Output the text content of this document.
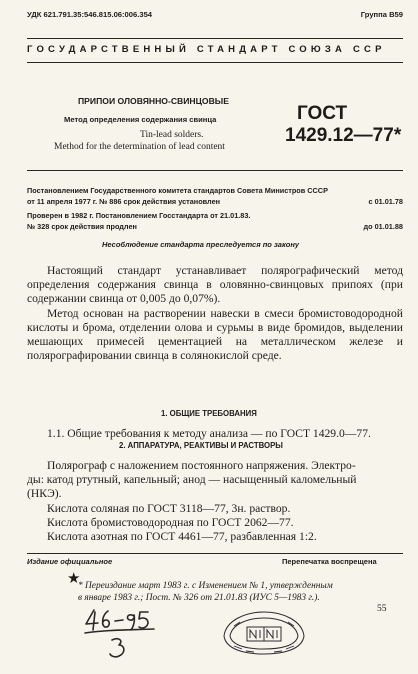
УДК 621.791.35:546.815.06:006.354	Группа В59
ГОСУДАРСТВЕННЫЙ СТАНДАРТ СОЮЗА ССР
ПРИПОИ ОЛОВЯННО-СВИНЦОВЫЕ
Метод определения содержания свинца
Tin-lead solders.
Method for the determination of lead content
ГОСТ
1429.12—77*
Постановлением Государственного комитета стандартов Совета Министров СССР
от 11 апреля 1977 г. № 886 срок действия установлен	с 01.01.78
Проверен в 1982 г. Постановлением Госстандарта от 21.01.83.
№ 328 срок действия продлен	до 01.01.88
Несоблюдение стандарта преследуется по закону

Настоящий стандарт устанавливает полярографический метод определения содержания свинца в оловянно-свинцовых припоях (при содержании свинца от 0,005 до 0,07%).

Метод основан на растворении навески в смеси бромистоводородной кислоты и брома, отделении олова и сурьмы в виде бромидов, выделении мешающих примесей цементацией на металлическом железе и полярографировании свинца в солянокислой среде.

1. ОБЩИЕ ТРЕБОВАНИЯ

1.1. Общие требования к методу анализа — по ГОСТ 1429.0—77.

2. АППАРАТУРА, РЕАКТИВЫ И РАСТВОРЫ
Полярограф с наложением постоянного напряжения. Электро-
ды: катод ртутный, капельный; анод — насыщенный каломельный
(НКЭ).
Кислота соляная по ГОСТ 3118—77, 3н. раствор.
Кислота бромистоводородная по ГОСТ 2062—77.
Кислота азотная по ГОСТ 4461—77, разбавленная 1:2.
Издание официальное	Перепечатка воспрещена
★
* Переиздание март 1983 г. с Изменением № 1, утвержденным
в январе 1983 г.; Пост. № 326 от 21.01.83 (ИУС 5—1983 г.).
55
